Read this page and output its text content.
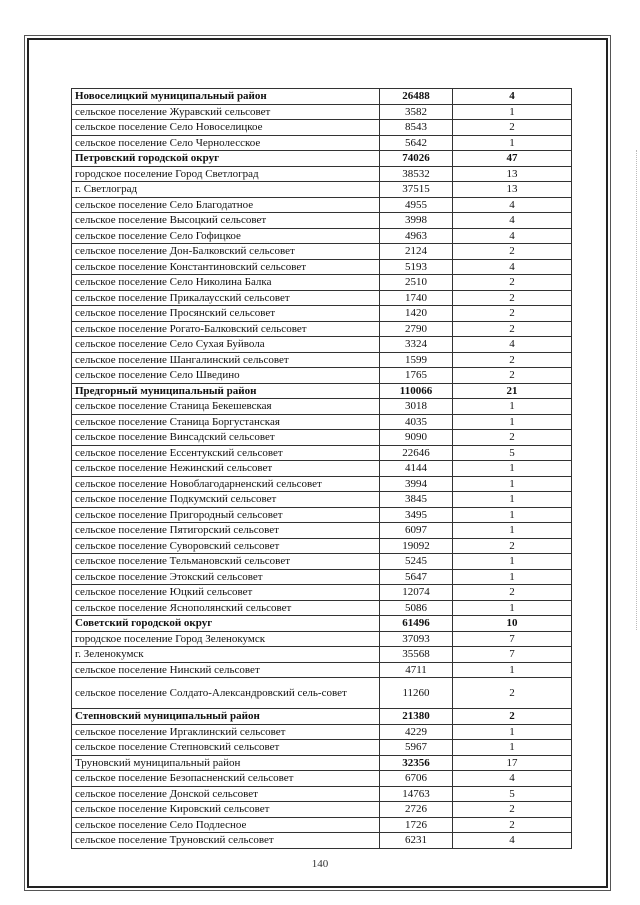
Новоселицкий муниципальный район	26488	4
сельское поселение Журавский сельсовет	3582	1
сельское поселение Село Новоселицкое	8543	2
сельское поселение Село Чернолесское	5642	1
Петровский городской округ	74026	47
городское поселение Город Светлоград	38532	13
г. Светлоград	37515	13
сельское поселение Село Благодатное	4955	4
сельское поселение Высоцкий сельсовет	3998	4
сельское поселение Село Гофицкое	4963	4
сельское поселение Дон-Балковский сельсовет	2124	2
сельское поселение Константиновский сельсовет	5193	4
сельское поселение Село Николина Балка	2510	2
сельское поселение Прикалаусский сельсовет	1740	2
сельское поселение Просянский сельсовет	1420	2
сельское поселение Рогато-Балковский сельсовет	2790	2
сельское поселение Село Сухая Буйвола	3324	4
сельское поселение Шангалинский сельсовет	1599	2
сельское поселение Село Шведино	1765	2
Предгорный муниципальный район	110066	21
сельское поселение Станица Бекешевская	3018	1
сельское поселение Станица Боргустанская	4035	1
сельское поселение Винсадский сельсовет	9090	2
сельское поселение Ессентукский сельсовет	22646	5
сельское поселение Нежинский сельсовет	4144	1
сельское поселение Новоблагодарненский сельсовет	3994	1
сельское поселение Подкумский сельсовет	3845	1
сельское поселение Пригородный сельсовет	3495	1
сельское поселение Пятигорский сельсовет	6097	1
сельское поселение Суворовский сельсовет	19092	2
сельское поселение Тельмановский сельсовет	5245	1
сельское поселение Этокский сельсовет	5647	1
сельское поселение Юцкий сельсовет	12074	2
сельское поселение Яснополянский сельсовет	5086	1
Советский городской округ	61496	10
городское поселение Город Зеленокумск	37093	7
г. Зеленокумск	35568	7
сельское поселение Нинский сельсовет	4711	1
сельское поселение Солдато-Александровский сель-совет	11260	2
Степновский муниципальный район	21380	2
сельское поселение Иргаклинский сельсовет	4229	1
сельское поселение Степновский сельсовет	5967	1
Труновский муниципальный район	32356	17
сельское поселение Безопасненский сельсовет	6706	4
сельское поселение Донской сельсовет	14763	5
сельское поселение Кировский сельсовет	2726	2
сельское поселение Село Подлесное	1726	2
сельское поселение Труновский сельсовет	6231	4
140
